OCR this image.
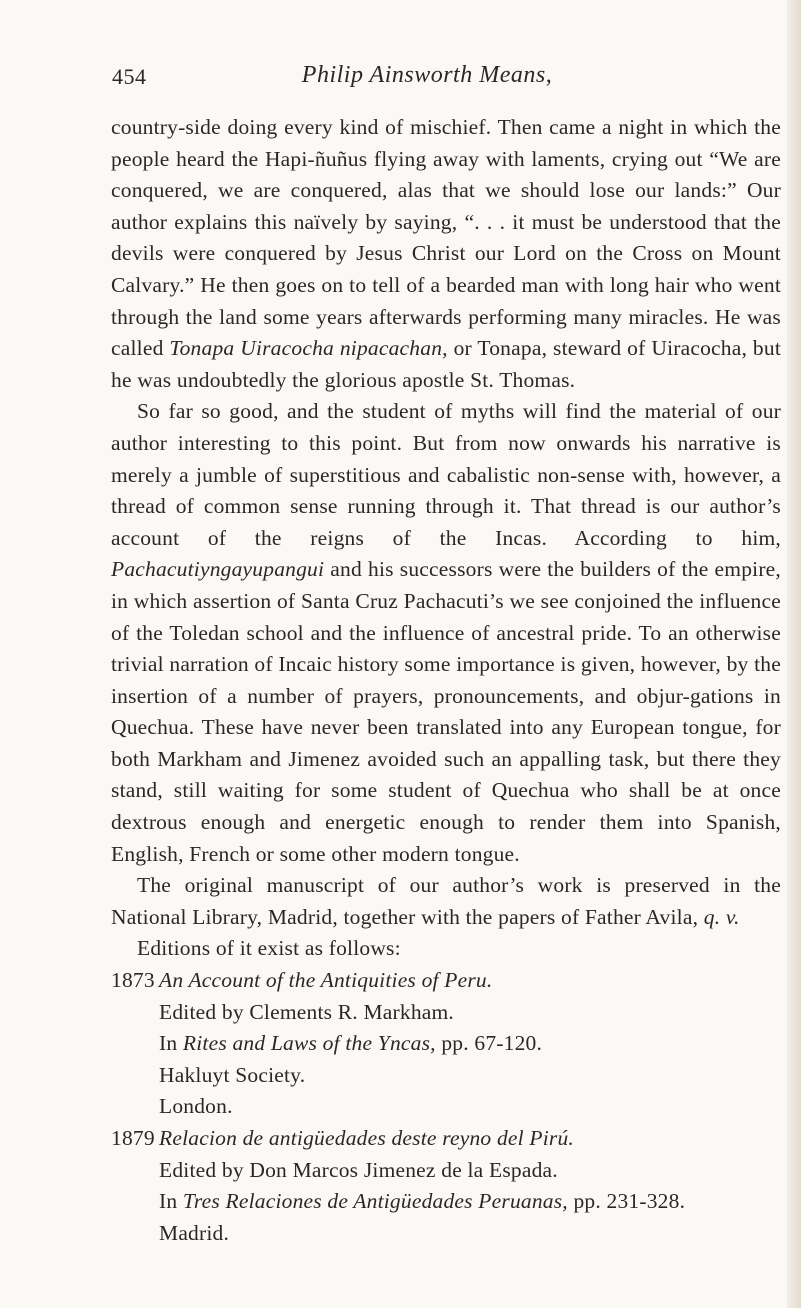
454	Philip Ainsworth Means,

country-side doing every kind of mischief. Then came a night in which the people heard the Hapi-ñuñus flying away with laments, crying out “We are conquered, we are conquered, alas that we should lose our lands:” Our author explains this naïvely by saying, “. . . it must be understood that the devils were conquered by Jesus Christ our Lord on the Cross on Mount Calvary.” He then goes on to tell of a bearded man with long hair who went through the land some years afterwards performing many miracles. He was called Tonapa Uiracocha nipacachan, or Tonapa, steward of Uiracocha, but he was undoubtedly the glorious apostle St. Thomas.

So far so good, and the student of myths will find the material of our author interesting to this point. But from now onwards his narrative is merely a jumble of superstitious and cabalistic non-sense with, however, a thread of common sense running through it. That thread is our author’s account of the reigns of the Incas. According to him, Pachacutiyngayupangui and his successors were the builders of the empire, in which assertion of Santa Cruz Pachacuti’s we see conjoined the influence of the Toledan school and the influence of ancestral pride. To an otherwise trivial narration of Incaic history some importance is given, however, by the insertion of a number of prayers, pronouncements, and objur-gations in Quechua. These have never been translated into any European tongue, for both Markham and Jimenez avoided such an appalling task, but there they stand, still waiting for some student of Quechua who shall be at once dextrous enough and energetic enough to render them into Spanish, English, French or some other modern tongue.

The original manuscript of our author’s work is preserved in the National Library, Madrid, together with the papers of Father Avila, q. v.

Editions of it exist as follows:

1873 An Account of the Antiquities of Peru.
Edited by Clements R. Markham.
In Rites and Laws of the Yncas, pp. 67-120.
Hakluyt Society.
London.
1879 Relacion de antigüedades deste reyno del Pirú.
Edited by Don Marcos Jimenez de la Espada.
In Tres Relaciones de Antigüedades Peruanas, pp. 231-328.
Madrid.
